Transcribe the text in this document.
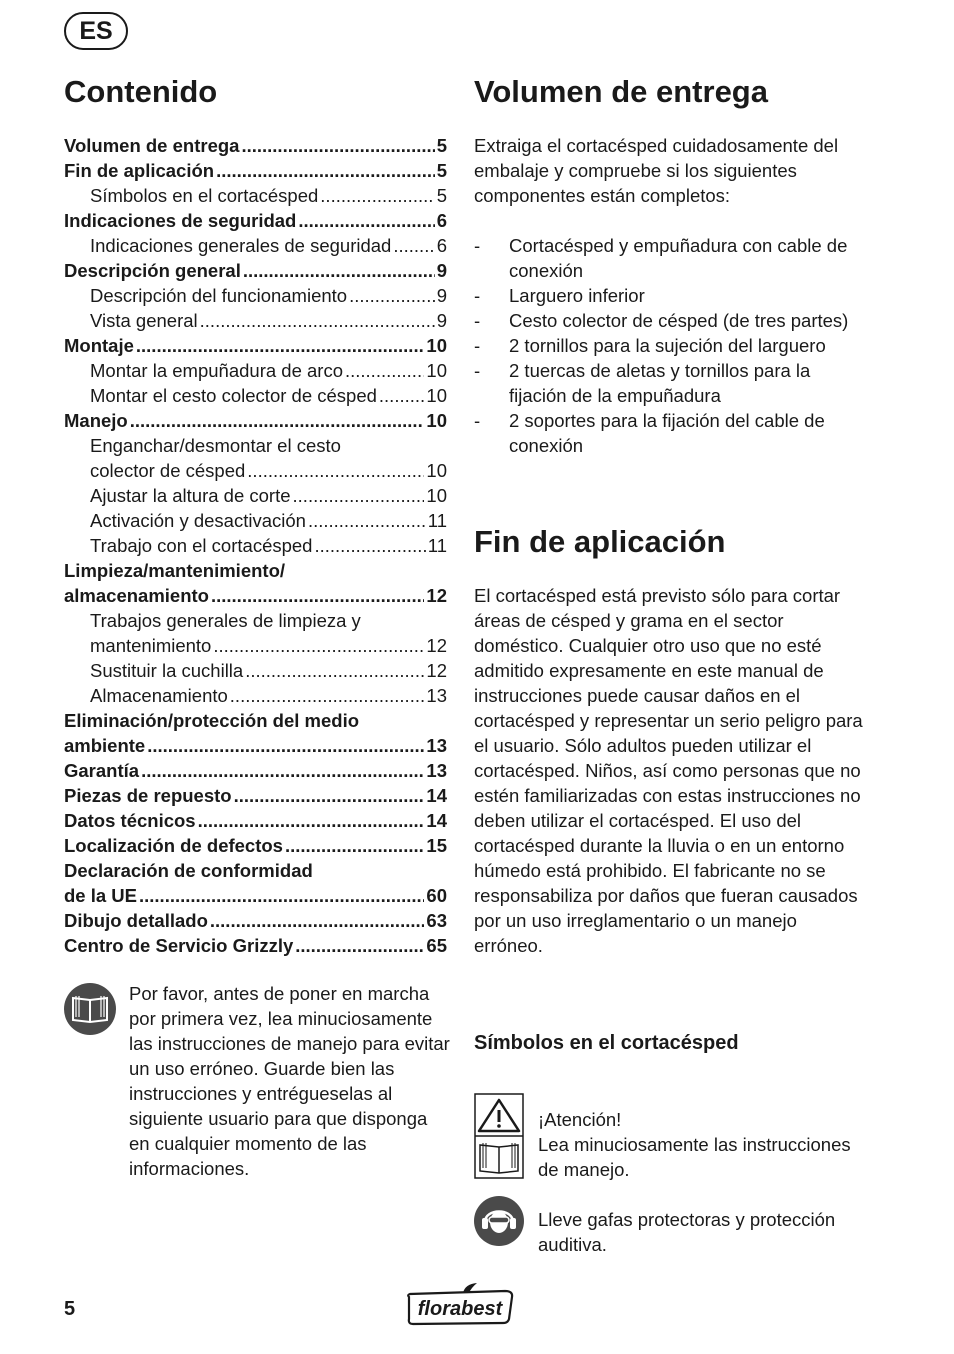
ES
Contenido
Volumen de entrega .....	5
Fin de aplicación .....	5
Símbolos en el cortacésped .....	5
Indicaciones de seguridad .....	6
Indicaciones generales de seguridad ..... 6
Descripción general .....	9
Descripción del funcionamiento .....	9
Vista general .....	9
Montaje .....	10
Montar la empuñadura de arco .....	10
Montar el cesto colector de césped .....	10
Manejo .....	10
Enganchar/desmontar el cesto
colector de césped .....	10
Ajustar la altura de corte .....	10
Activación y desactivación .....	11
Trabajo con el cortacésped .....	11
Limpieza/mantenimiento/
almacenamiento .....	12
Trabajos generales de limpieza y
mantenimiento .....	12
Sustituir la cuchilla .....	12
Almacenamiento .....	13
Eliminación/protección del medio
ambiente .....	13
Garantía .....	13
Piezas de repuesto .....	14
Datos técnicos .....	14
Localización de defectos .....	15
Declaración de conformidad
de la UE .....	60
Dibujo detallado .....	63
Centro de Servicio Grizzly .....	65
Por favor, antes de poner en marcha por primera vez, lea minuciosamente las instrucciones de manejo para evitar un uso erróneo. Guarde bien las instrucciones y entrégueselas al siguiente usuario para que disponga en cualquier momento de las informaciones.
Volumen de entrega
Extraiga el cortacésped cuidadosamente del embalaje y compruebe si los siguientes componentes están completos:
- Cortacésped y empuñadura con cable de conexión
- Larguero inferior
- Cesto colector de césped (de tres partes)
- 2 tornillos para la sujeción del larguero
- 2 tuercas de aletas y tornillos para la fijación de la empuñadura
- 2 soportes para la fijación del cable de conexión
Fin de aplicación
El cortacésped está previsto sólo para cortar áreas de césped y grama en el sector doméstico. Cualquier otro uso que no esté admitido expresamente en este manual de instrucciones puede causar daños en el cortacésped y representar un serio peligro para el usuario. Sólo adultos pueden utilizar el cortacésped. Niños, así como personas que no estén familiarizadas con estas instrucciones no deben utilizar el cortacésped. El uso del cortacésped durante la lluvia o en un entorno húmedo está prohibido. El fabricante no se responsabiliza por daños que fueran causados por un uso irreglamentario o un manejo erróneo.
Símbolos en el cortacésped
¡Atención!
Lea minuciosamente las instrucciones de manejo.
Lleve gafas protectoras y protección auditiva.
5	florabest
